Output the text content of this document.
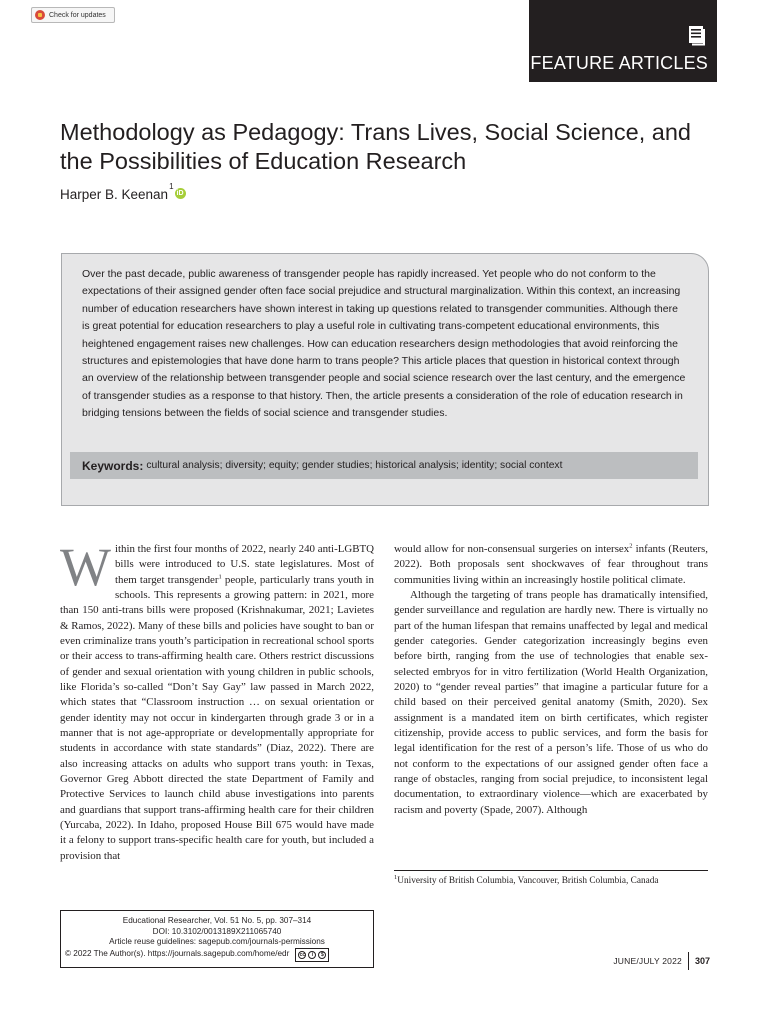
Check for updates
FEATURE ARTICLES
Methodology as Pedagogy: Trans Lives, Social Science, and the Possibilities of Education Research
Harper B. Keenan
1
iD
Over the past decade, public awareness of transgender people has rapidly increased. Yet people who do not conform to the expectations of their assigned gender often face social prejudice and structural marginalization. Within this context, an increasing number of education researchers have shown interest in taking up questions related to transgender communities. Although there is great potential for education researchers to play a useful role in cultivating trans-competent educational environments, this heightened engagement raises new challenges. How can education researchers design methodologies that avoid reinforcing the structures and epistemologies that have done harm to trans people? This article places that question in historical context through an overview of the relationship between transgender people and social science research over the last century, and the emergence of transgender studies as a response to that history. Then, the article presents a consideration of the role of education research in bridging tensions between the fields of social science and transgender studies.
Keywords: cultural analysis; diversity; equity; gender studies; historical analysis; identity; social context

Within the first four months of 2022, nearly 240 anti-LGBTQ bills were introduced to U.S. state legislatures. Most of them target transgender$^1$ people, particularly trans youth in schools. This represents a growing pattern: in 2021, more than 150 anti-trans bills were proposed (Krishnakumar, 2021; Lavietes & Ramos, 2022). Many of these bills and policies have sought to ban or even criminalize trans youth’s participation in recreational school sports or their access to trans-affirming health care. Others restrict discussions of gender and sexual orientation with young children in public schools, like Florida’s so-called “Don’t Say Gay” law passed in March 2022, which states that “Classroom instruction … on sexual orientation or gender identity may not occur in kindergarten through grade 3 or in a manner that is not age-appropriate or developmentally appropriate for students in accordance with state standards” (Diaz, 2022). There are also increasing attacks on adults who support trans youth: in Texas, Governor Greg Abbott directed the state Department of Family and Protective Services to launch child abuse investigations into parents and guardians that support trans-affirming health care for their children (Yurcaba, 2022). In Idaho, proposed House Bill 675 would have made it a felony to support trans-specific health care for youth, but included a provision that

would allow for non-consensual surgeries on intersex$^2$ infants (Reuters, 2022). Both proposals sent shockwaves of fear throughout trans communities living within an increasingly hostile political climate.

Although the targeting of trans people has dramatically intensified, gender surveillance and regulation are hardly new. There is virtually no part of the human lifespan that remains unaffected by legal and medical gender categories. Gender categorization increasingly begins even before birth, ranging from the use of technologies that enable sex-selected embryos for in vitro fertilization (World Health Organization, 2020) to “gender reveal parties” that imagine a particular future for a child based on their perceived genital anatomy (Smith, 2020). Sex assignment is a mandated item on birth certificates, which register citizenship, provide access to public services, and form the basis for legal identification for the rest of a person’s life. Those of us who do not conform to the expectations of our assigned gender often face a range of obstacles, ranging from social prejudice, to inconsistent legal documentation, to extraordinary violence—which are exacerbated by racism and poverty (Spade, 2007). Although

$^1$University of British Columbia, Vancouver, British Columbia, Canada
Educational Researcher, Vol. 51 No. 5, pp. 307–314
DOI: 10.3102/0013189X211065740
Article reuse guidelines: sagepub.com/journals-permissions
© 2022 The Author(s). https://journals.sagepub.com/home/edr cc	i	$
JUNE/JULY 2022 307
